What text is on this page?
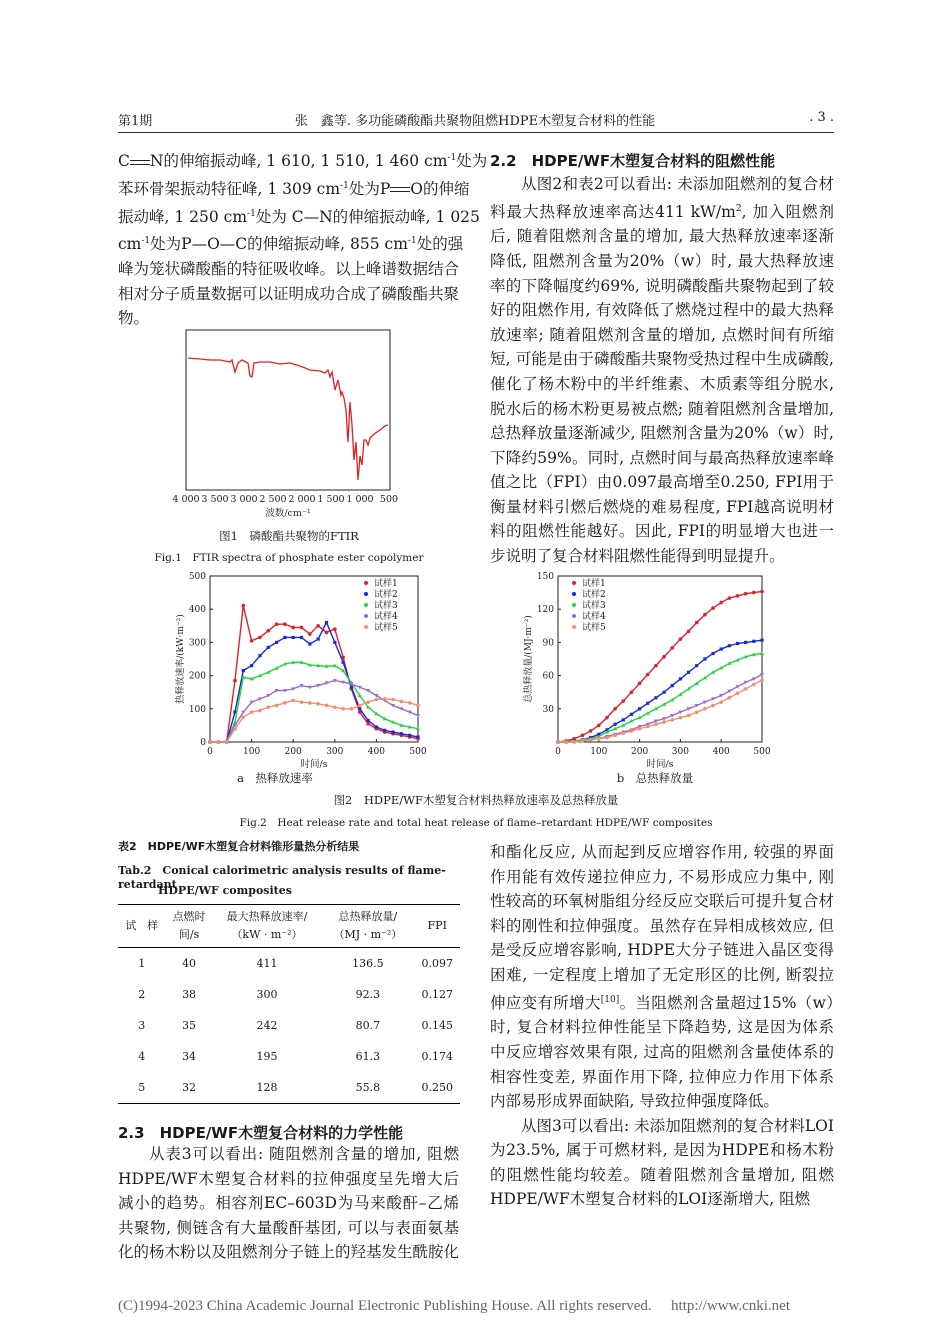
第1期	张　鑫等. 多功能磷酸酯共聚物阻燃HDPE木塑复合材料的性能	. 3 .

C N的伸缩振动峰, 1 610, 1 510, 1 460 $cm^{-1}$处为

苯环骨架振动特征峰, 1 309 $cm^{-1}$处为P O的伸缩

振动峰, 1 250 $cm^{-1}$处为 C—N的伸缩振动峰, 1 025

$cm^{-1}$处为P—O—C的伸缩振动峰, 855 $cm^{-1}$处的强

峰为笼状磷酸酯的特征吸收峰。以上峰谱数据结合相对分子质量数据可以证明成功合成了磷酸酯共聚物。

4 000 3 500 3 000 2 500 2 000 1 500 1 000 500
波数/cm⁻¹
图1　磷酸酯共聚物的FTIR
Fig.1　FTIR spectra of phosphate ester copolymer
2.2　HDPE/WF木塑复合材料的阻燃性能

从图2和表2可以看出: 未添加阻燃剂的复合材料最大热释放速率高达411 $kW/m^2$, 加入阻燃剂后, 随着阻燃剂含量的增加, 最大热释放速率逐渐降低, 阻燃剂含量为20%（w）时, 最大热释放速率的下降幅度约69%, 说明磷酸酯共聚物起到了较好的阻燃作用, 有效降低了燃烧过程中的最大热释放速率; 随着阻燃剂含量的增加, 点燃时间有所缩短, 可能是由于磷酸酯共聚物受热过程中生成磷酸, 催化了杨木粉中的半纤维素、木质素等组分脱水, 脱水后的杨木粉更易被点燃; 随着阻燃剂含量增加, 总热释放量逐渐减少, 阻燃剂含量为20%（w）时, 下降约59%。同时, 点燃时间与最高热释放速率峰值之比（FPI）由0.097最高增至0.250, FPI用于衡量材料引燃后燃烧的难易程度, FPI越高说明材料的阻燃性能越好。因此, FPI的明显增大也进一步说明了复合材料阻燃性能得到明显提升。

0	100	200	300	400	500
0
100
200
300
400
500
时间/s
热释放速率/(kW·m⁻²)
试样1
试样2
试样3
试样4
试样5
a　热释放速率
0	100	200	300	400	500
30
60
90
120
150
时间/s
总热释放量/(MJ·m⁻²)
试样1
试样2
试样3
试样4
试样5
b　总热释放量
图2　HDPE/WF木塑复合材料热释放速率及总热释放量
Fig.2　Heat release rate and total heat release of flame–retardant HDPE/WF composites
表2　HDPE/WF木塑复合材料锥形量热分析结果
Tab.2　Conical calorimetric analysis results of flame-retardant
HDPE/WF composites
试　样	点燃时
间/s	最大热释放速率/
（kW · m⁻²）	总热释放量/
（MJ · m⁻²）	FPI
1	40	411	136.5	0.097
2	38	300	92.3	0.127
3	35	242	80.7	0.145
4	34	195	61.3	0.174
5	32	128	55.8	0.250
2.3　HDPE/WF木塑复合材料的力学性能

从表3可以看出: 随阻燃剂含量的增加, 阻燃HDPE/WF木塑复合材料的拉伸强度呈先增大后减小的趋势。相容剂EC–603D为马来酸酐–乙烯共聚物, 侧链含有大量酸酐基团, 可以与表面氨基化的杨木粉以及阻燃剂分子链上的羟基发生酰胺化

和酯化反应, 从而起到反应增容作用, 较强的界面作用能有效传递拉伸应力, 不易形成应力集中, 刚性较高的环氧树脂组分经反应交联后可提升复合材料的刚性和拉伸强度。虽然存在异相成核效应, 但是受反应增容影响, HDPE大分子链进入晶区变得困难, 一定程度上增加了无定形区的比例, 断裂拉伸应变有所增大[10]。当阻燃剂含量超过15%（w）时, 复合材料拉伸性能呈下降趋势, 这是因为体系中反应增容效果有限, 过高的阻燃剂含量使体系的相容性变差, 界面作用下降, 拉伸应力作用下体系内部易形成界面缺陷, 导致拉伸强度降低。

从图3可以看出: 未添加阻燃剂的复合材料LOI为23.5%, 属于可燃材料, 是因为HDPE和杨木粉的阻燃性能均较差。随着阻燃剂含量增加, 阻燃HDPE/WF木塑复合材料的LOI逐渐增大, 阻燃

(C)1994-2023 China Academic Journal Electronic Publishing House. All rights reserved. http://www.cnki.net
